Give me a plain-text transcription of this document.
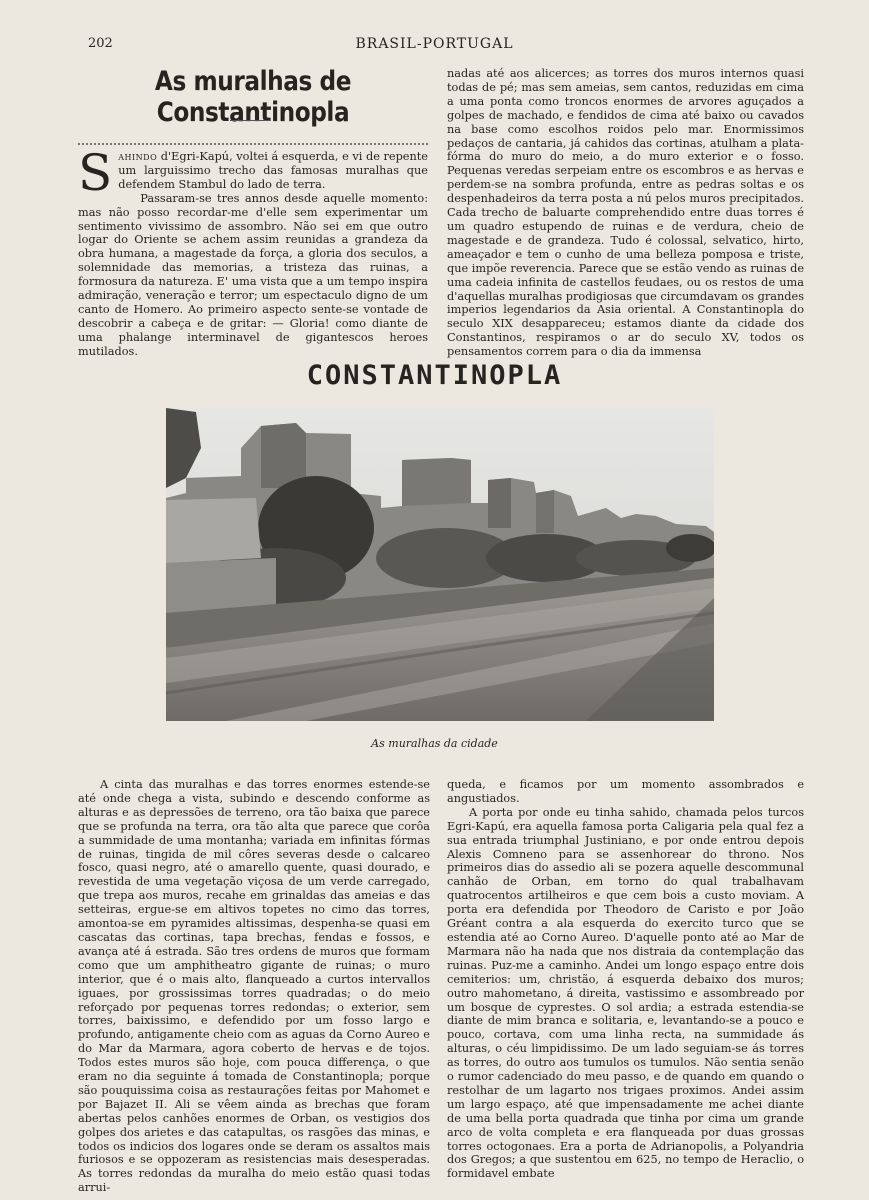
202	BRASIL-PORTUGAL
As muralhas de Constantinopla

Sahindo d'Egri-Kapú, voltei á esquerda, e vi de repente um larguissimo trecho das famosas muralhas que defendem Stambul do lado de terra.

Passaram-se tres annos desde aquelle momento: mas não posso recordar-me d'elle sem experimentar um sentimento vivissimo de assombro. Não sei em que outro logar do Oriente se achem assim reunidas a grandeza da obra humana, a magestade da força, a gloria dos seculos, a solemnidade das memorias, a tristeza das ruinas, a formosura da natureza. E' uma vista que a um tempo inspira admiração, veneração e terror; um espectaculo digno de um canto de Homero. Ao primeiro aspecto sente-se vontade de descobrir a cabeça e de gritar: — Gloria! como diante de uma phalange interminavel de gigantescos heroes mutilados.

nadas até aos alicerces; as torres dos muros internos quasi todas de pé; mas sem ameias, sem cantos, reduzidas em cima a uma ponta como troncos enormes de arvores aguçados a golpes de machado, e fendidos de cima até baixo ou cavados na base como escolhos roidos pelo mar. Enormissimos pedaços de cantaria, já cahidos das cortinas, atulham a plata-fórma do muro do meio, a do muro exterior e o fosso. Pequenas veredas serpeiam entre os escombros e as hervas e perdem-se na sombra profunda, entre as pedras soltas e os despenhadeiros da terra posta a nú pelos muros precipitados. Cada trecho de baluarte comprehendido entre duas torres é um quadro estupendo de ruinas e de verdura, cheio de magestade e de grandeza. Tudo é colossal, selvatico, hirto, ameaçador e tem o cunho de uma belleza pomposa e triste, que impõe reverencia. Parece que se estão vendo as ruinas de uma cadeia infinita de castellos feudaes, ou os restos de uma d'aquellas muralhas prodigiosas que circumdavam os grandes imperios legendarios da Asia oriental. A Constantinopla do seculo XIX desappareceu; estamos diante da cidade dos Constantinos, respiramos o ar do seculo XV, todos os pensamentos correm para o dia da immensa

CONSTANTINOPLA
As muralhas da cidade

A cinta das muralhas e das torres enormes estende-se até onde chega a vista, subindo e descendo conforme as alturas e as depressões de terreno, ora tão baixa que parece que se profunda na terra, ora tão alta que parece que corôa a summidade de uma montanha; variada em infinitas fórmas de ruinas, tingida de mil côres severas desde o calcareo fosco, quasi negro, até o amarello quente, quasi dourado, e revestida de uma vegetação viçosa de um verde carregado, que trepa aos muros, recahe em grinaldas das ameias e das setteiras, ergue-se em altivos topetes no cimo das torres, amontoa-se em pyramides altissimas, despenha-se quasi em cascatas das cortinas, tapa brechas, fendas e fossos, e avança até á estrada. São tres ordens de muros que formam como que um amphitheatro gigante de ruinas; o muro interior, que é o mais alto, flanqueado a curtos intervallos iguaes, por grossissimas torres quadradas; o do meio reforçado por pequenas torres redondas; o exterior, sem torres, baixissimo, e defendido por um fosso largo e profundo, antigamente cheio com as aguas da Corno Aureo e do Mar da Marmara, agora coberto de hervas e de tojos. Todos estes muros são hoje, com pouca differença, o que eram no dia seguinte á tomada de Constantinopla; porque são pouquissima coisa as restaurações feitas por Mahomet e por Bajazet II. Ali se vêem ainda as brechas que foram abertas pelos canhões enormes de Orban, os vestigios dos golpes dos arietes e das catapultas, os rasgões das minas, e todos os indicios dos logares onde se deram os assaltos mais furiosos e se oppozeram as resistencias mais desesperadas. As torres redondas da muralha do meio estão quasi todas arrui-

queda, e ficamos por um momento assombrados e angustiados.

A porta por onde eu tinha sahido, chamada pelos turcos Egri-Kapú, era aquella famosa porta Caligaria pela qual fez a sua entrada triumphal Justiniano, e por onde entrou depois Alexis Comneno para se assenhorear do throno. Nos primeiros dias do assedio ali se pozera aquelle descommunal canhão de Orban, em torno do qual trabalhavam quatrocentos artilheiros e que cem bois a custo moviam. A porta era defendida por Theodoro de Caristo e por João Gréant contra a ala esquerda do exercito turco que se estendia até ao Corno Aureo. D'aquelle ponto até ao Mar de Marmara não ha nada que nos distraia da contemplação das ruinas. Puz-me a caminho. Andei um longo espaço entre dois cemiterios: um, christão, á esquerda debaixo dos muros; outro mahometano, á direita, vastissimo e assombreado por um bosque de cyprestes. O sol ardia; a estrada estendia-se diante de mim branca e solitaria, e, levantando-se a pouco e pouco, cortava, com uma linha recta, na summidade ás alturas, o céu limpidissimo. De um lado seguiam-se ás torres as torres, do outro aos tumulos os tumulos. Não sentia senão o rumor cadenciado do meu passo, e de quando em quando o restolhar de um lagarto nos trigaes proximos. Andei assim um largo espaço, até que impensadamente me achei diante de uma bella porta quadrada que tinha por cima um grande arco de volta completa e era flanqueada por duas grossas torres octogonaes. Era a porta de Adrianopolis, a Polyandria dos Gregos; a que sustentou em 625, no tempo de Heraclio, o formidavel embate
